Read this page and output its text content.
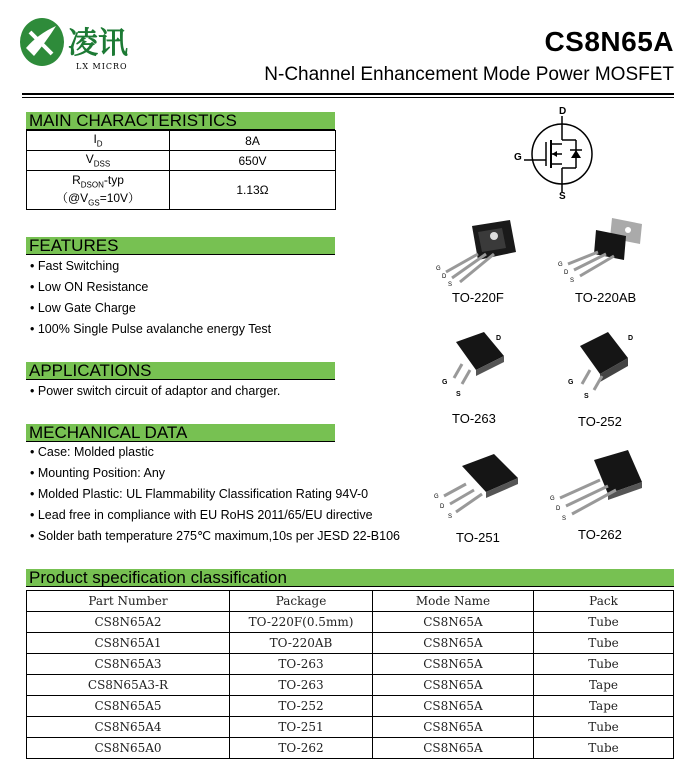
凌讯
LX MICRO
CS8N65A
N-Channel Enhancement Mode Power MOSFET
MAIN CHARACTERISTICS
$I_D$	8A
$V_{DSS}$	650V

$R_{DSON}$-typ
$(@V_{GS}=10V)$	1.13Ω
D
G
S
FEATURES
• Fast Switching
• Low ON Resistance
• Low Gate Charge
• 100% Single Pulse avalanche energy Test
APPLICATIONS
• Power switch circuit of adaptor and charger.
MECHANICAL DATA
• Case: Molded plastic
• Mounting Position: Any
• Molded Plastic: UL Flammability Classification Rating 94V-0
• Lead free in compliance with EU RoHS 2011/65/EU directive
• Solder bath temperature 275℃ maximum,10s per JESD 22-B106
G
D
S
G
D
S
D
G
S
D
G
S
G
D
S
G
D
S
TO-220F	TO-220AB
TO-263	TO-252
TO-251	TO-262
Product specification classification
Part Number	Package	Mode Name	Pack
CS8N65A2	TO-220F(0.5mm)	CS8N65A	Tube
CS8N65A1	TO-220AB	CS8N65A	Tube
CS8N65A3	TO-263	CS8N65A	Tube
CS8N65A3-R	TO-263	CS8N65A	Tape
CS8N65A5	TO-252	CS8N65A	Tape
CS8N65A4	TO-251	CS8N65A	Tube
CS8N65A0	TO-262	CS8N65A	Tube
